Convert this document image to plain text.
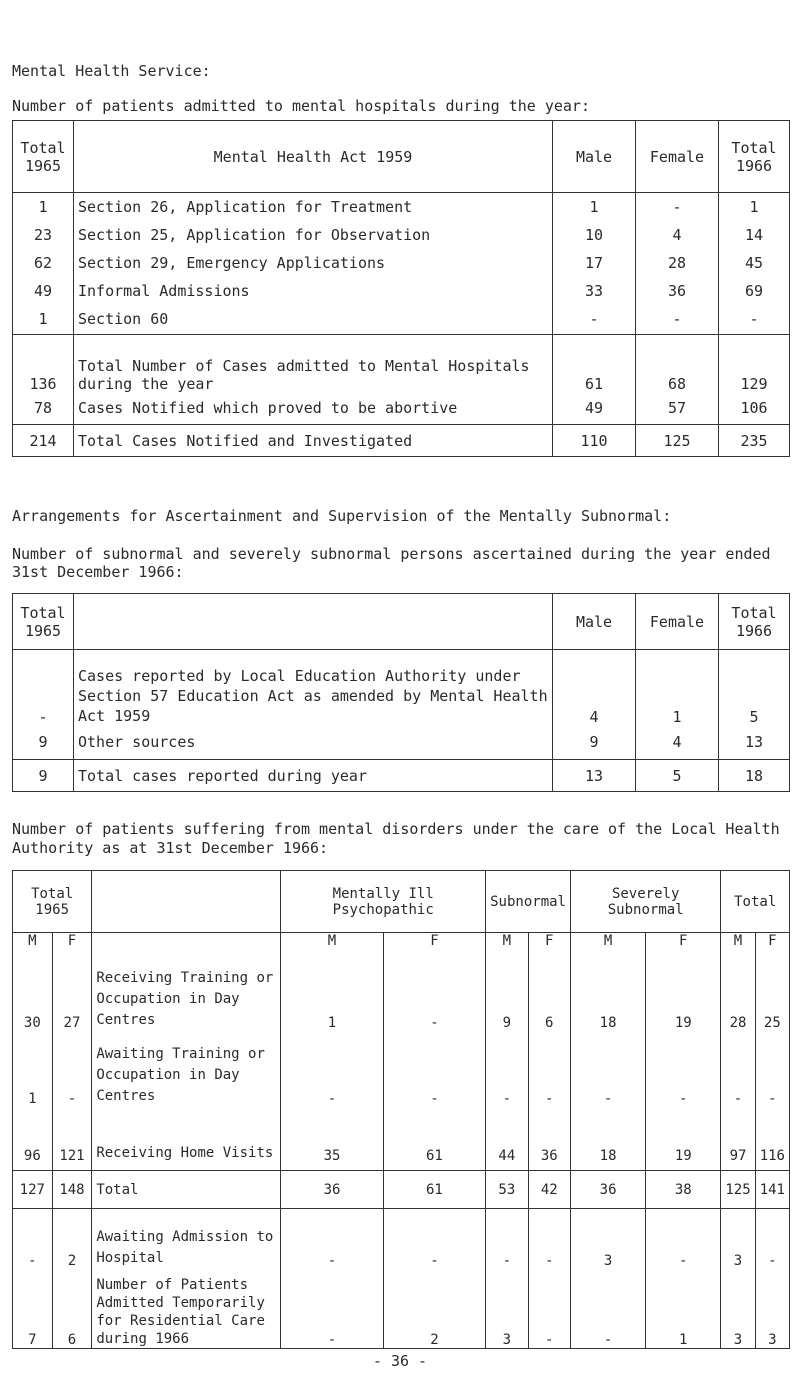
Mental Health Service:
Number of patients admitted to mental hospitals during the year:
Total 1965	Mental Health Act 1959	Male	Female	Total 1966
1	Section 26, Application for Treatment	1	-	1
23	Section 25, Application for Observation	10	4	14
62	Section 29, Emergency Applications	17	28	45
49	Informal Admissions	33	36	69
1	Section 60	-	-	-
136	Total Number of Cases admitted to Mental Hospitals during the year	61	68	129
78	Cases Notified which proved to be abortive	49	57	106
214	Total Cases Notified and Investigated	110	125	235
Arrangements for Ascertainment and Supervision of the Mentally Subnormal:
Number of subnormal and severely subnormal persons ascertained during the year ended 31st December 1966:
Total 1965		Male	Female	Total 1966
-	Cases reported by Local Education Authority under Section 57 Education Act as amended by Mental Health Act 1959	4	1	5
9	Other sources	9	4	13
9	Total cases reported during year	13	5	18
Number of patients suffering from mental disorders under the care of the Local Health Authority as at 31st December 1966:
Total 1965			Mentally Ill Psychopathic		Subnormal		Severely Subnormal		Total	
M	F		M	F	M	F	M	F	M	F
30	27	Receiving Training or Occupation in Day Centres	1	-	9	6	18	19	28	25
1	-	Awaiting Training or Occupation in Day Centres	-	-	-	-	-	-	-	-
96	121	Receiving Home Visits	35	61	44	36	18	19	97	116
127	148	Total	36	61	53	42	36	38	125	141
-	2	Awaiting Admission to Hospital	-	-	-	-	3	-	3	-
7	6	Number of Patients Admitted Temporarily for Residential Care during 1966	-	2	3	-	-	1	3	3
- 36 -
